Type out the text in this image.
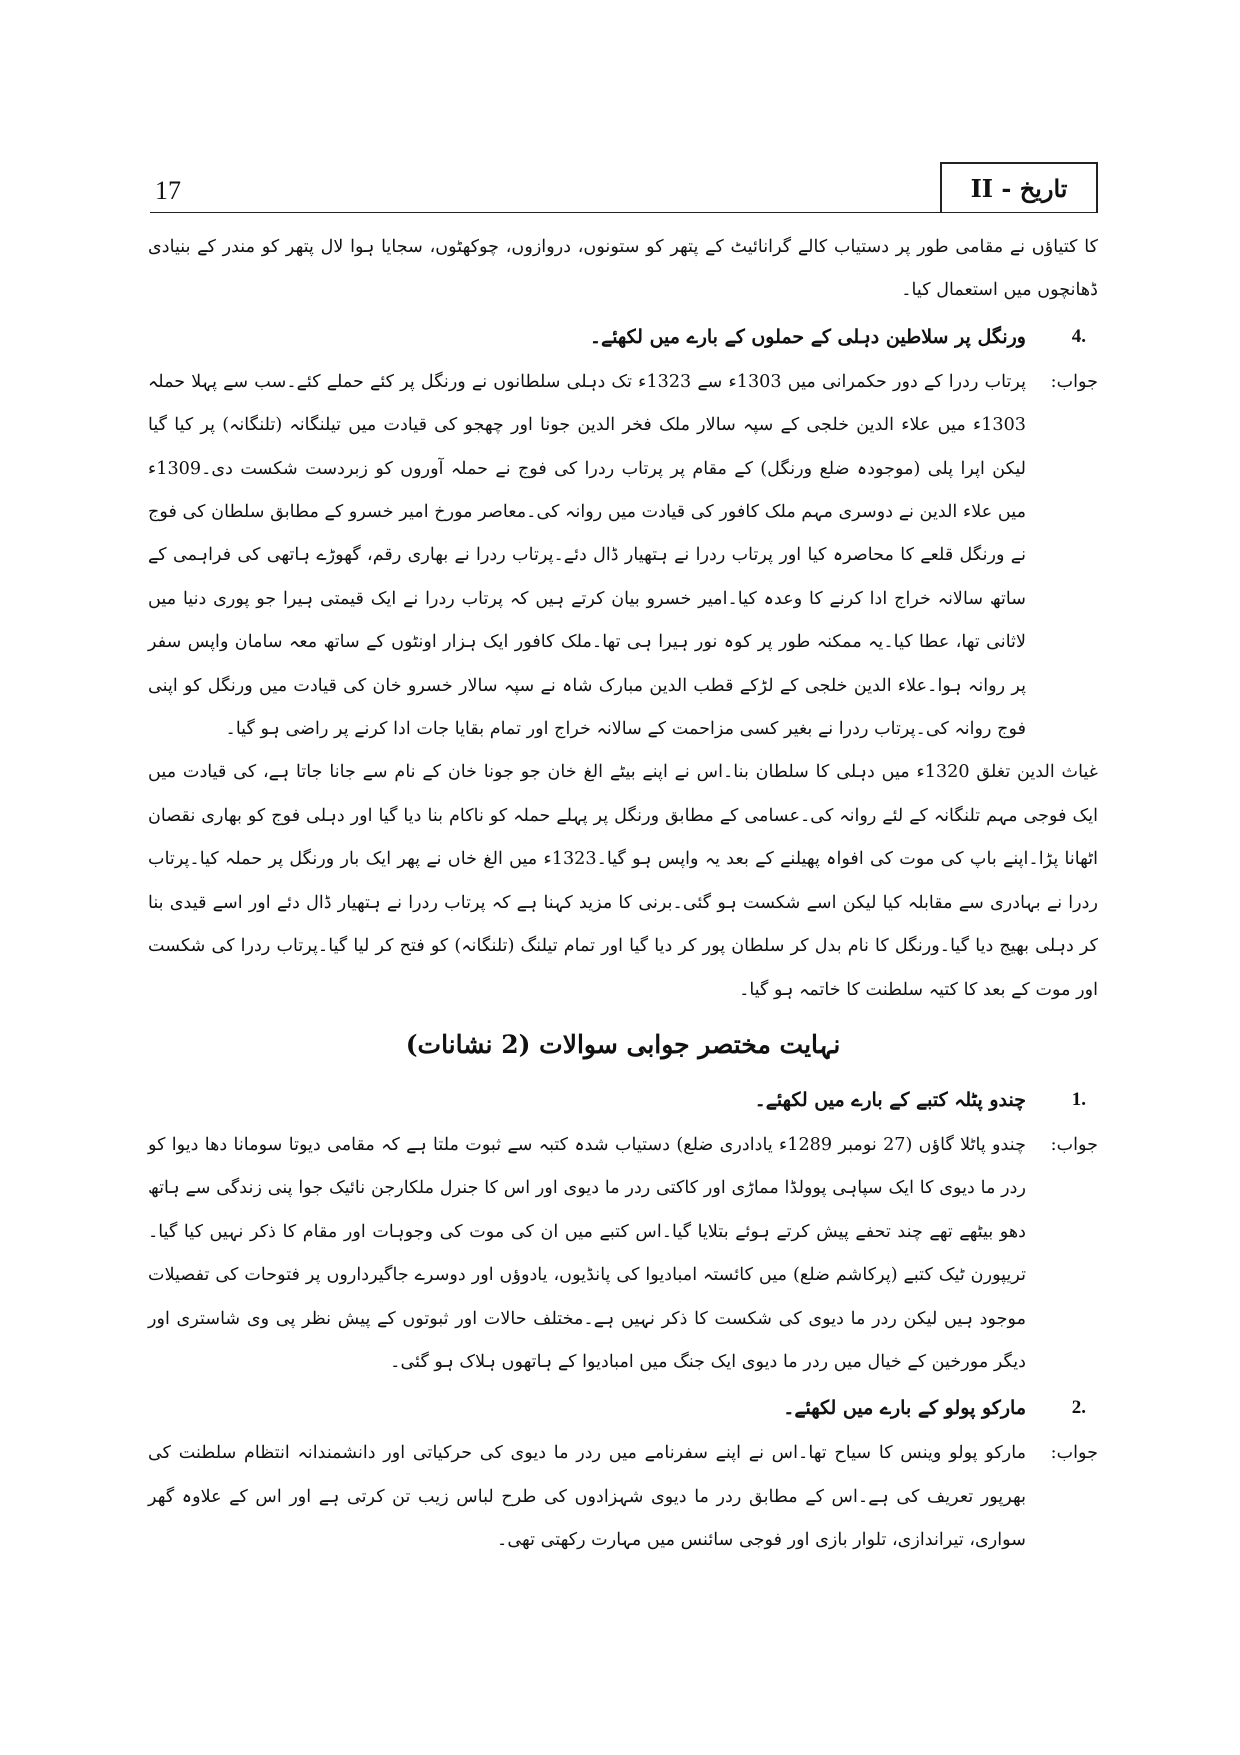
17	تاریخ - II

کا کتیاؤں نے مقامی طور پر دستیاب کالے گرانائیٹ کے پتھر کو ستونوں، دروازوں، چوکھٹوں، سجایا ہوا لال پتھر کو مندر کے بنیادی ڈھانچوں میں استعمال کیا۔

4.
ورنگل پر سلاطین دہلی کے حملوں کے بارے میں لکھئے۔
جواب:
پرتاب ردرا کے دور حکمرانی میں 1303ء سے 1323ء تک دہلی سلطانوں نے ورنگل پر کئے حملے کئے۔سب سے پہلا حملہ 1303ء میں علاء الدین خلجی کے سپہ سالار ملک فخر الدین جونا اور چھجو کی قیادت میں تیلنگانہ (تلنگانہ) پر کیا گیا لیکن اپرا پلی (موجودہ ضلع ورنگل) کے مقام پر پرتاب ردرا کی فوج نے حملہ آوروں کو زبردست شکست دی۔1309ء میں علاء الدین نے دوسری مہم ملک کافور کی قیادت میں روانہ کی۔معاصر مورخ امیر خسرو کے مطابق سلطان کی فوج نے ورنگل قلعے کا محاصرہ کیا اور پرتاب ردرا نے ہتھیار ڈال دئے۔پرتاب ردرا نے بھاری رقم، گھوڑے ہاتھی کی فراہمی کے ساتھ سالانہ خراج ادا کرنے کا وعدہ کیا۔امیر خسرو بیان کرتے ہیں کہ پرتاب ردرا نے ایک قیمتی ہیرا جو پوری دنیا میں لاثانی تھا، عطا کیا۔یہ ممکنہ طور پر کوہ نور ہیرا ہی تھا۔ملک کافور ایک ہزار اونٹوں کے ساتھ معہ سامان واپس سفر پر روانہ ہوا۔علاء الدین خلجی کے لڑکے قطب الدین مبارک شاہ نے سپہ سالار خسرو خان کی قیادت میں ورنگل کو اپنی فوج روانہ کی۔پرتاب ردرا نے بغیر کسی مزاحمت کے سالانہ خراج اور تمام بقایا جات ادا کرنے پر راضی ہو گیا۔

غیاث الدین تغلق 1320ء میں دہلی کا سلطان بنا۔اس نے اپنے بیٹے الغ خان جو جونا خان کے نام سے جانا جاتا ہے، کی قیادت میں ایک فوجی مہم تلنگانہ کے لئے روانہ کی۔عسامی کے مطابق ورنگل پر پہلے حملہ کو ناکام بنا دیا گیا اور دہلی فوج کو بھاری نقصان اٹھانا پڑا۔اپنے باپ کی موت کی افواہ پھیلنے کے بعد یہ واپس ہو گیا۔1323ء میں الغ خاں نے پھر ایک بار ورنگل پر حملہ کیا۔پرتاب ردرا نے بہادری سے مقابلہ کیا لیکن اسے شکست ہو گئی۔برنی کا مزید کہنا ہے کہ پرتاب ردرا نے ہتھیار ڈال دئے اور اسے قیدی بنا کر دہلی بھیج دیا گیا۔ورنگل کا نام بدل کر سلطان پور کر دیا گیا اور تمام تیلنگ (تلنگانہ) کو فتح کر لیا گیا۔پرتاب ردرا کی شکست اور موت کے بعد کا کتیہ سلطنت کا خاتمہ ہو گیا۔

نہایت مختصر جوابی سوالات (2 نشانات)
1.
چندو پٹلہ کتبے کے بارے میں لکھئے۔
جواب:
چندو پاٹلا گاؤں (27 نومبر 1289ء یادادری ضلع) دستیاب شدہ کتبہ سے ثبوت ملتا ہے کہ مقامی دیوتا سومانا دھا دیوا کو ردر ما دیوی کا ایک سپاہی پوولڈا مماڑی اور کاکتی ردر ما دیوی اور اس کا جنرل ملکارجن نائیک جوا پنی زندگی سے ہاتھ دھو بیٹھے تھے چند تحفے پیش کرتے ہوئے بتلایا گیا۔اس کتبے میں ان کی موت کی وجوہات اور مقام کا ذکر نہیں کیا گیا۔تریپورن ٹیک کتبے (پرکاشم ضلع) میں کائستہ امبادیوا کی پانڈیوں، یادوؤں اور دوسرے جاگیرداروں پر فتوحات کی تفصیلات موجود ہیں لیکن ردر ما دیوی کی شکست کا ذکر نہیں ہے۔مختلف حالات اور ثبوتوں کے پیش نظر پی وی شاستری اور دیگر مورخین کے خیال میں ردر ما دیوی ایک جنگ میں امبادیوا کے ہاتھوں ہلاک ہو گئی۔
2.
مارکو پولو کے بارے میں لکھئے۔
جواب:
مارکو پولو وینس کا سیاح تھا۔اس نے اپنے سفرنامے میں ردر ما دیوی کی حرکیاتی اور دانشمندانہ انتظام سلطنت کی بھرپور تعریف کی ہے۔اس کے مطابق ردر ما دیوی شہزادوں کی طرح لباس زیب تن کرتی ہے اور اس کے علاوہ گھر سواری، تیراندازی، تلوار بازی اور فوجی سائنس میں مہارت رکھتی تھی۔
